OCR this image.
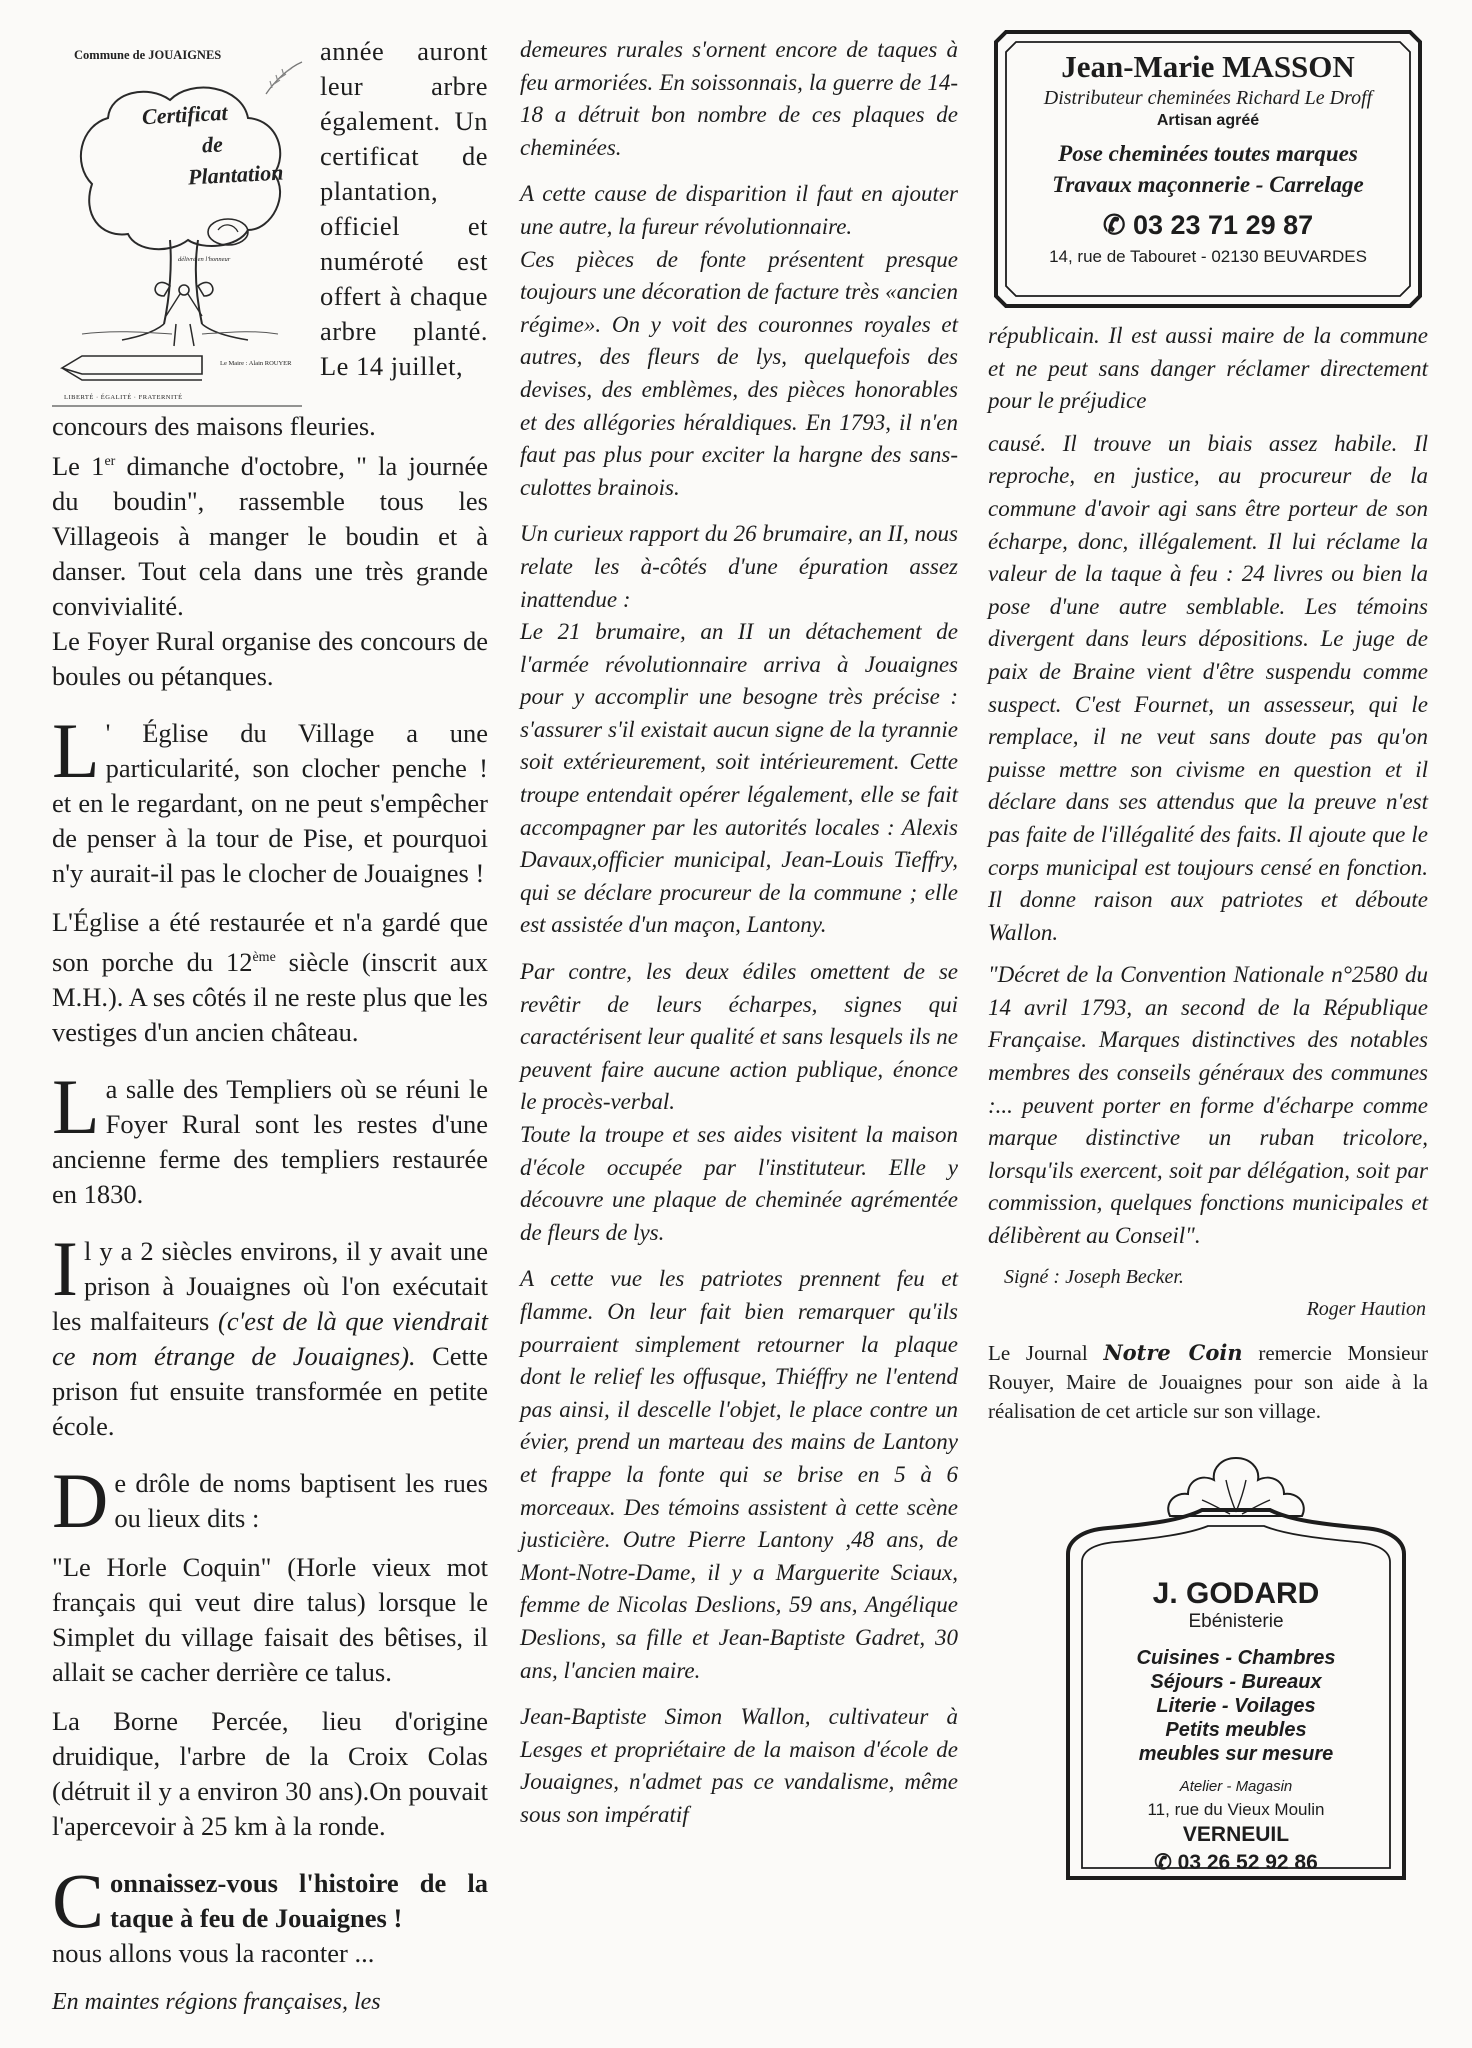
Commune de JOUAIGNES
Certificat
de
Plantation
délivré en l'honneur
Le Maire : Alain ROUYER
LIBERTÉ · ÉGALITÉ · FRATERNITÉ

année auront leur arbre également. Un certificat de plantation, officiel et numéroté est offert à chaque arbre planté. Le 14 juillet,

concours des maisons fleuries.

Le 1er dimanche d'octobre, " la journée du boudin", rassemble tous les Villageois à manger le boudin et à danser. Tout cela dans une très grande convivialité.

Le Foyer Rural organise des concours de boules ou pétanques.

L ' Église du Village a une particularité, son clocher penche ! et en le regardant, on ne peut s'empêcher de penser à la tour de Pise, et pourquoi n'y aurait-il pas le clocher de Jouaignes !

L'Église a été restaurée et n'a gardé que son porche du 12ème siècle (inscrit aux M.H.). A ses côtés il ne reste plus que les vestiges d'un ancien château.

La salle des Templiers où se réuni le Foyer Rural sont les restes d'une ancienne ferme des templiers restaurée en 1830.

Il y a 2 siècles environs, il y avait une prison à Jouaignes où l'on exécutait les malfaiteurs (c'est de là que viendrait ce nom étrange de Jouaignes). Cette prison fut ensuite transformée en petite école.

De drôle de noms baptisent les rues ou lieux dits :

"Le Horle Coquin" (Horle vieux mot français qui veut dire talus) lorsque le Simplet du village faisait des bêtises, il allait se cacher derrière ce talus.

La Borne Percée, lieu d'origine druidique, l'arbre de la Croix Colas (détruit il y a environ 30 ans).On pouvait l'apercevoir à 25 km à la ronde.

Connaissez-vous l'histoire de la taque à feu de Jouaignes !
nous allons vous la raconter ...

En maintes régions françaises, les

demeures rurales s'ornent encore de taques à feu armoriées. En soissonnais, la guerre de 14-18 a détruit bon nombre de ces plaques de cheminées.

A cette cause de disparition il faut en ajouter une autre, la fureur révolutionnaire.

Ces pièces de fonte présentent presque toujours une décoration de facture très «ancien régime». On y voit des couronnes royales et autres, des fleurs de lys, quelquefois des devises, des emblèmes, des pièces honorables et des allégories héraldiques. En 1793, il n'en faut pas plus pour exciter la hargne des sans-culottes brainois.

Un curieux rapport du 26 brumaire, an II, nous relate les à-côtés d'une épuration assez inattendue :

Le 21 brumaire, an II un détachement de l'armée révolutionnaire arriva à Jouaignes pour y accomplir une besogne très précise : s'assurer s'il existait aucun signe de la tyrannie soit extérieurement, soit intérieurement. Cette troupe entendait opérer légalement, elle se fait accompagner par les autorités locales : Alexis Davaux,officier municipal, Jean-Louis Tieffry, qui se déclare procureur de la commune ; elle est assistée d'un maçon, Lantony.

Par contre, les deux édiles omettent de se revêtir de leurs écharpes, signes qui caractérisent leur qualité et sans lesquels ils ne peuvent faire aucune action publique, énonce le procès-verbal.

Toute la troupe et ses aides visitent la maison d'école occupée par l'instituteur. Elle y découvre une plaque de cheminée agrémentée de fleurs de lys.

A cette vue les patriotes prennent feu et flamme. On leur fait bien remarquer qu'ils pourraient simplement retourner la plaque dont le relief les offusque, Thiéffry ne l'entend pas ainsi, il descelle l'objet, le place contre un évier, prend un marteau des mains de Lantony et frappe la fonte qui se brise en 5 à 6 morceaux. Des témoins assistent à cette scène justicière. Outre Pierre Lantony ,48 ans, de Mont-Notre-Dame, il y a Marguerite Sciaux, femme de Nicolas Deslions, 59 ans, Angélique Deslions, sa fille et Jean-Baptiste Gadret, 30 ans, l'ancien maire.

Jean-Baptiste Simon Wallon, cultivateur à Lesges et propriétaire de la maison d'école de Jouaignes, n'admet pas ce vandalisme, même sous son impératif

Jean-Marie MASSON
Distributeur cheminées Richard Le Droff
Artisan agréé
Pose cheminées toutes marques
Travaux maçonnerie - Carrelage
✆ 03 23 71 29 87
14, rue de Tabouret - 02130 BEUVARDES

républicain. Il est aussi maire de la commune et ne peut sans danger réclamer directement pour le préjudice

causé. Il trouve un biais assez habile. Il reproche, en justice, au procureur de la commune d'avoir agi sans être porteur de son écharpe, donc, illégalement. Il lui réclame la valeur de la taque à feu : 24 livres ou bien la pose d'une autre semblable. Les témoins divergent dans leurs dépositions. Le juge de paix de Braine vient d'être suspendu comme suspect. C'est Fournet, un assesseur, qui le remplace, il ne veut sans doute pas qu'on puisse mettre son civisme en question et il déclare dans ses attendus que la preuve n'est pas faite de l'illégalité des faits. Il ajoute que le corps municipal est toujours censé en fonction. Il donne raison aux patriotes et déboute Wallon.

"Décret de la Convention Nationale n°2580 du 14 avril 1793, an second de la République Française. Marques distinctives des notables membres des conseils généraux des communes :... peuvent porter en forme d'écharpe comme marque distinctive un ruban tricolore, lorsqu'ils exercent, soit par délégation, soit par commission, quelques fonctions municipales et délibèrent au Conseil".

Signé : Joseph Becker.

Roger Haution

Le Journal Notre Coin remercie Monsieur Rouyer, Maire de Jouaignes pour son aide à la réalisation de cet article sur son village.

J. GODARD
Ebénisterie
Cuisines - Chambres
Séjours - Bureaux
Literie - Voilages
Petits meubles
meubles sur mesure
Atelier - Magasin
11, rue du Vieux Moulin
VERNEUIL
✆ 03 26 52 92 86
